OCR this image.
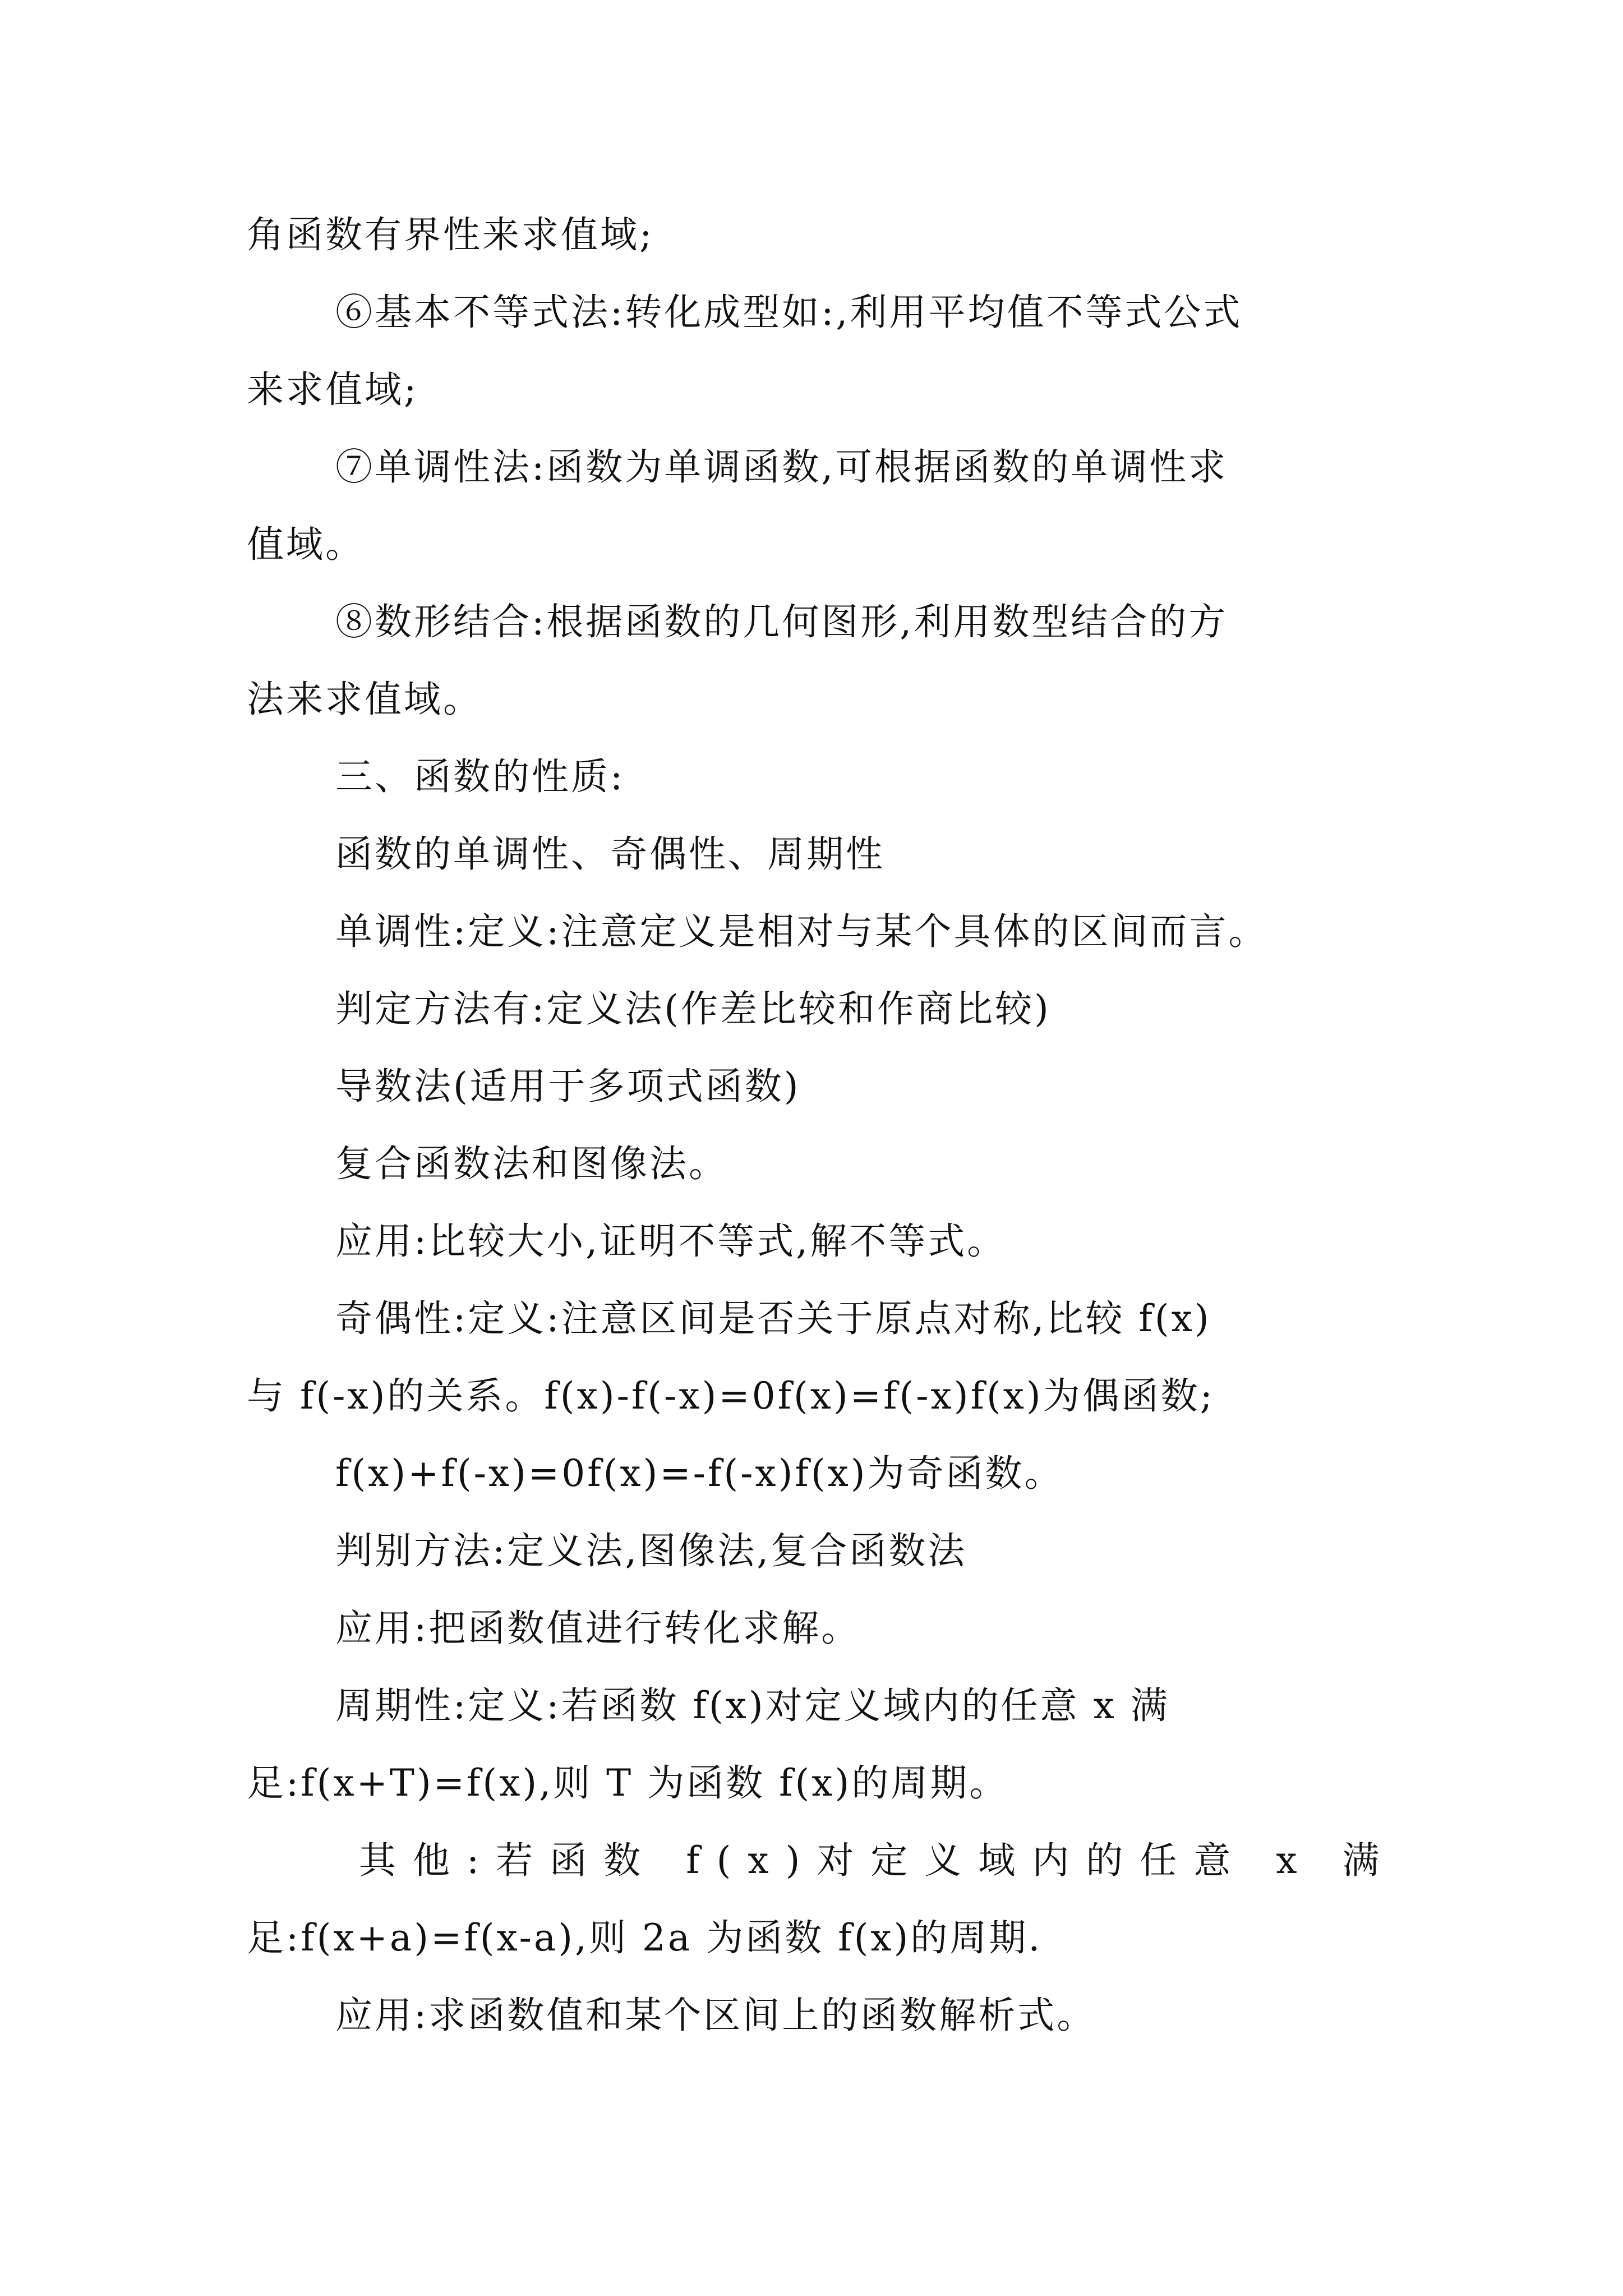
角函数有界性来求值域;
⑥基本不等式法:转化成型如:,利用平均值不等式公式
来求值域;
⑦单调性法:函数为单调函数,可根据函数的单调性求
值域。
⑧数形结合:根据函数的几何图形,利用数型结合的方
法来求值域。
三、函数的性质:
函数的单调性、奇偶性、周期性
单调性:定义:注意定义是相对与某个具体的区间而言。
判定方法有:定义法(作差比较和作商比较)
导数法(适用于多项式函数)
复合函数法和图像法。
应用:比较大小,证明不等式,解不等式。
奇偶性:定义:注意区间是否关于原点对称,比较 f(x)
与 f(-x)的关系。f(x)-f(-x)=0f(x)=f(-x)f(x)为偶函数;
f(x)+f(-x)=0f(x)=-f(-x)f(x)为奇函数。
判别方法:定义法,图像法,复合函数法
应用:把函数值进行转化求解。
周期性:定义:若函数 f(x)对定义域内的任意 x 满
足:f(x+T)=f(x),则 T 为函数 f(x)的周期。
其他:若函数 f(x)对定义域内的任意 x 满
足:f(x+a)=f(x-a),则 2a 为函数 f(x)的周期.
应用:求函数值和某个区间上的函数解析式。
